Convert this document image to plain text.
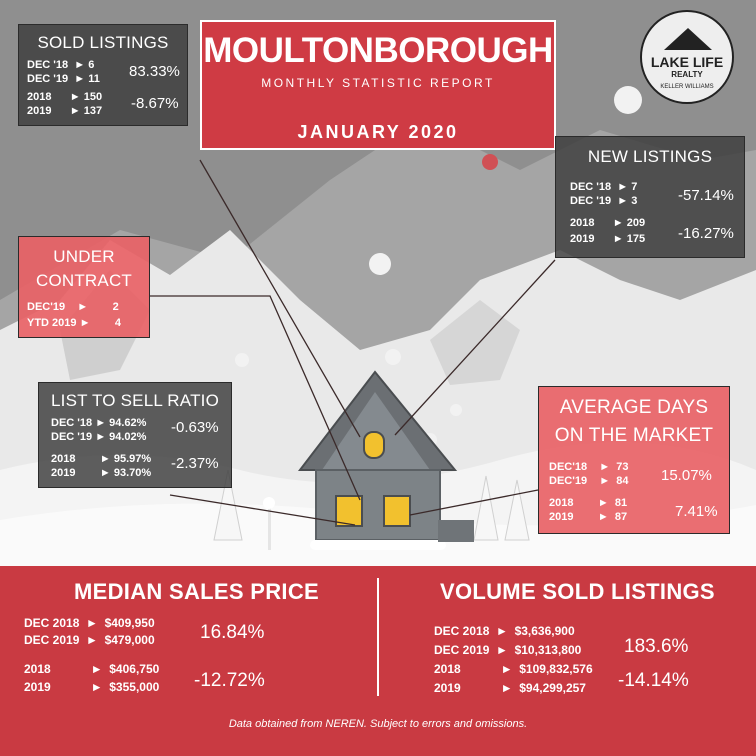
MOULTONBOROUGH
MONTHLY STATISTIC REPORT
JANUARY 2020
LAKE LIFE
REALTY
KELLER WILLIAMS
SOLD LISTINGS
DEC '18  ► 6
DEC '19  ► 11
2018      ► 150
2019      ► 137
83.33%
-8.67%
NEW LISTINGS
DEC '18  ► 7
DEC '19  ► 3
2018      ► 209
2019      ► 175
-57.14%
-16.27%
UNDER
CONTRACT
DEC'19    ►        2
YTD 2019 ►        4
LIST TO SELL RATIO
DEC '18 ► 94.62%
DEC '19 ► 94.02%
2018        ► 95.97%
2019        ► 93.70%
-0.63%
-2.37%
AVERAGE DAYS
ON THE MARKET
DEC'18    ►  73
DEC'19    ►  84
2018        ►  81
2019        ►  87
15.07%
7.41%
MEDIAN SALES PRICE
DEC 2018  ►  $409,950
DEC 2019  ►  $479,000
2018            ►  $406,750
2019            ►  $355,000
16.84%
-12.72%
VOLUME SOLD LISTINGS
DEC 2018  ►  $3,636,900
DEC 2019  ►  $10,313,800
2018            ►  $109,832,576
2019            ►  $94,299,257
183.6%
-14.14%
Data obtained from NEREN. Subject to errors and omissions.
